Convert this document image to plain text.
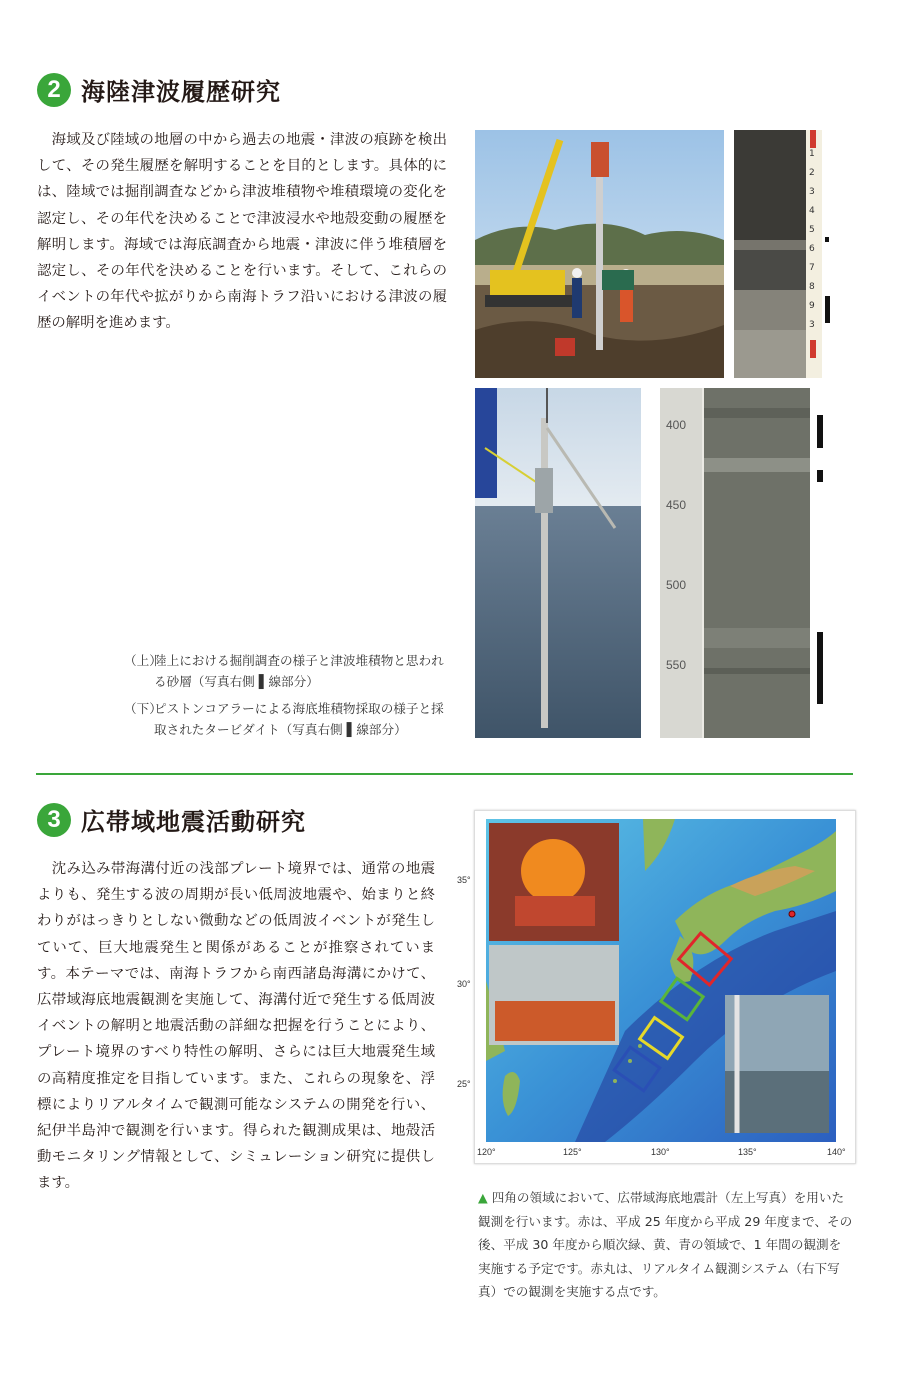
2 海陸津波履歴研究
　海域及び陸域の地層の中から過去の地震・津波の痕跡を検出して、その発生履歴を解明することを目的とします。具体的には、陸域では掘削調査などから津波堆積物や堆積環境の変化を認定し、その年代を決めることで津波浸水や地殻変動の履歴を解明します。海域では海底調査から地震・津波に伴う堆積層を認定し、その年代を決めることを行います。そして、これらのイベントの年代や拡がりから南海トラフ沿いにおける津波の履歴の解明を進めます。
1
2
3
4
5
6
7
8
9
3
400
450
500
550
（上）
陸上における掘削調査の様子と津波堆積物と思われる砂層（写真右側 ▌線部分）
（下）
ピストンコアラーによる海底堆積物採取の様子と採取されたタービダイト（写真右側 ▌線部分）
3 広帯域地震活動研究
　沈み込み帯海溝付近の浅部プレート境界では、通常の地震よりも、発生する波の周期が長い低周波地震や、始まりと終わりがはっきりとしない微動などの低周波イベントが発生していて、巨大地震発生と関係があることが推察されています。本テーマでは、南海トラフから南西諸島海溝にかけて、広帯域海底地震観測を実施して、海溝付近で発生する低周波イベントの解明と地震活動の詳細な把握を行うことにより、プレート境界のすべり特性の解明、さらには巨大地震発生域の高精度推定を目指しています。また、これらの現象を、浮標によりリアルタイムで観測可能なシステムの開発を行い、紀伊半島沖で観測を行います。得られた観測成果は、地殻活動モニタリング情報として、シミュレーション研究に提供します。
35°
30°
25°
120°	125°	130°	135°	140°
▲ 四角の領域において、広帯域海底地震計（左上写真）を用いた観測を行います。赤は、平成 25 年度から平成 29 年度まで、その後、平成 30 年度から順次緑、黄、青の領域で、1 年間の観測を実施する予定です。赤丸は、リアルタイム観測システム（右下写真）での観測を実施する点です。
